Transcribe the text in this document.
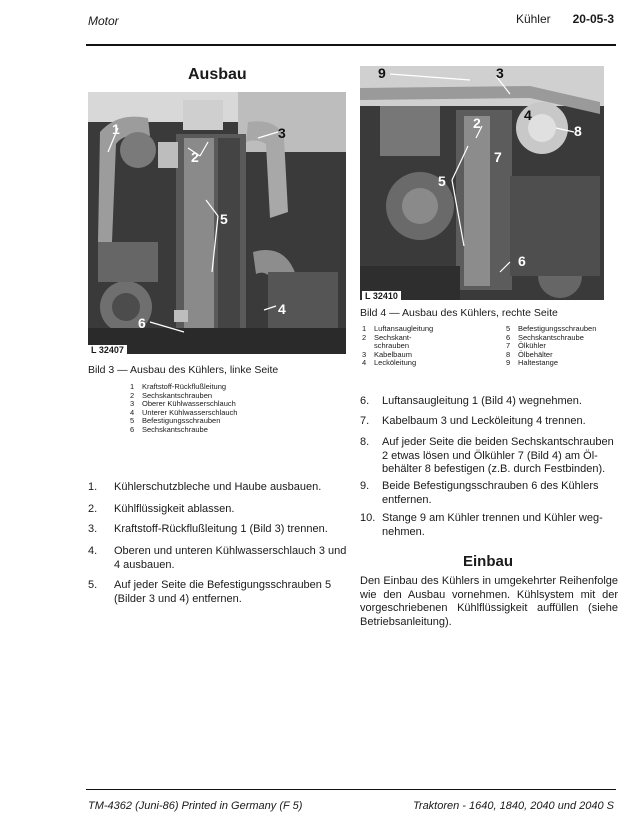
Motor	Kühler 20-05-3
Ausbau
1
2
3
4
5
6
L 32407
Bild 3 — Ausbau des Kühlers, linke Seite
1 Kraftstoff-Rückflußleitung
2 Sechskantschrauben
3 Oberer Kühlwasserschlauch
4 Unterer Kühlwasserschlauch
5 Befestigungsschrauben
6 Sechskantschraube
9	3
2	4
8
5
7
6
L 32410
Bild 4 — Ausbau des Kühlers, rechte Seite
1 Luftansaugleitung
2 Sechskant-
schrauben
3 Kabelbaum
4 Lecköleitung
5 Befestigungsschrauben
6 Sechskantschraube
7 Ölkühler
8 Ölbehälter
9 Haltestange
1.	Kühlerschutzbleche und Haube ausbauen.
2.	Kühlflüssigkeit ablassen.
3.	Kraftstoff-Rückflußleitung 1 (Bild 3) trennen.
4.	Oberen und unteren Kühlwasserschlauch 3 und
4 ausbauen.
5.	Auf jeder Seite die Befestigungsschrauben 5
(Bilder 3 und 4) entfernen.
6.	Luftansaugleitung 1 (Bild 4) wegnehmen.
7.	Kabelbaum 3 und Lecköleitung 4 trennen.
8.	Auf jeder Seite die beiden Sechskantschrauben
2 etwas lösen und Ölkühler 7 (Bild 4) am Öl-
behälter 8 befestigen (z.B. durch Festbinden).
9.	Beide Befestigungsschrauben 6 des Kühlers
entfernen.
10. Stange 9 am Kühler trennen und Kühler weg-
nehmen.
Einbau
Den Einbau des Kühlers in umgekehrter Reihenfolge wie den Ausbau vornehmen. Kühlsystem mit der vorgeschriebenen Kühlflüssigkeit auffüllen (siehe Betriebsanleitung).
TM-4362 (Juni-86) Printed in Germany (F 5)	Traktoren - 1640, 1840, 2040 und 2040 S
